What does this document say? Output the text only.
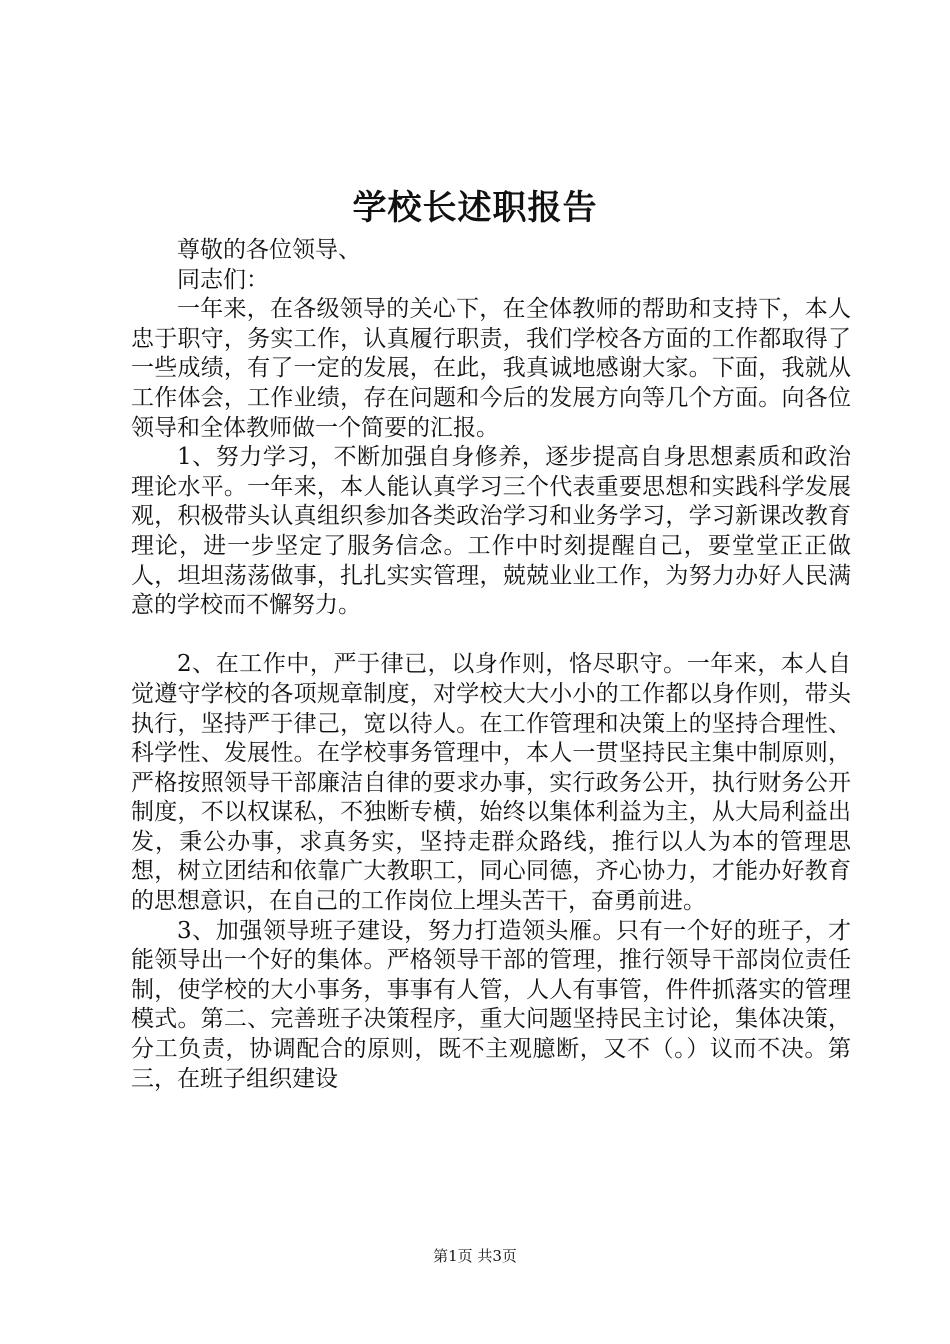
学校长述职报告

尊敬的各位领导、

同志们：

一年来，在各级领导的关心下，在全体教师的帮助和支持下，本人忠于职守，务实工作，认真履行职责，我们学校各方面的工作都取得了一些成绩，有了一定的发展，在此，我真诚地感谢大家。下面，我就从工作体会，工作业绩，存在问题和今后的发展方向等几个方面。向各位领导和全体教师做一个简要的汇报。

1、努力学习，不断加强自身修养，逐步提高自身思想素质和政治理论水平。一年来，本人能认真学习三个代表重要思想和实践科学发展观，积极带头认真组织参加各类政治学习和业务学习，学习新课改教育理论，进一步坚定了服务信念。工作中时刻提醒自己，要堂堂正正做人，坦坦荡荡做事，扎扎实实管理，兢兢业业工作，为努力办好人民满意的学校而不懈努力。

2、在工作中，严于律已，以身作则，恪尽职守。一年来，本人自觉遵守学校的各项规章制度，对学校大大小小的工作都以身作则，带头执行，坚持严于律己，宽以待人。在工作管理和决策上的坚持合理性、科学性、发展性。在学校事务管理中，本人一贯坚持民主集中制原则，严格按照领导干部廉洁自律的要求办事，实行政务公开，执行财务公开制度，不以权谋私，不独断专横，始终以集体利益为主，从大局利益出发，秉公办事，求真务实，坚持走群众路线，推行以人为本的管理思想，树立团结和依靠广大教职工，同心同德，齐心协力，才能办好教育的思想意识，在自己的工作岗位上埋头苦干，奋勇前进。

3、加强领导班子建设，努力打造领头雁。只有一个好的班子，才能领导出一个好的集体。严格领导干部的管理，推行领导干部岗位责任制，使学校的大小事务，事事有人管，人人有事管，件件抓落实的管理模式。第二、完善班子决策程序，重大问题坚持民主讨论，集体决策，分工负责，协调配合的原则，既不主观臆断，又不（。）议而不决。第三，在班子组织建设

第1页 共3页
